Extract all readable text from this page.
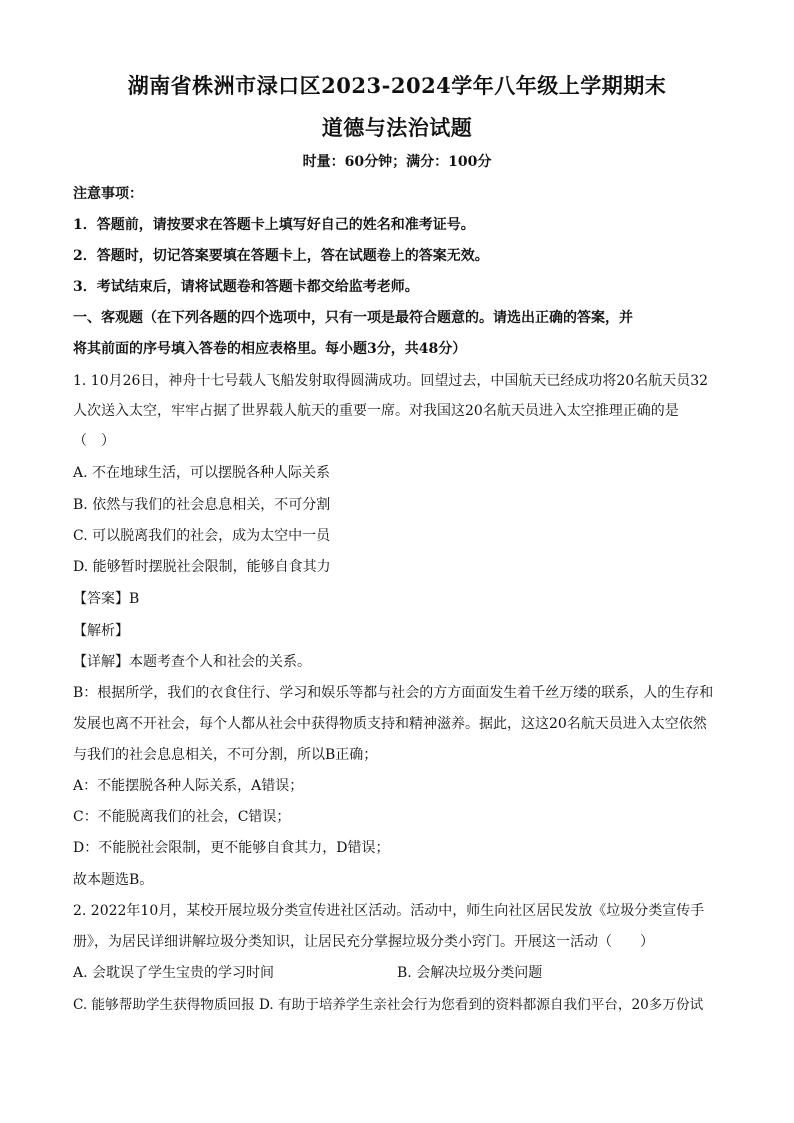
湖南省株洲市渌口区2023-2024学年八年级上学期期末
道德与法治试题
时量：60分钟；满分：100分
注意事项：
1．答题前，请按要求在答题卡上填写好自己的姓名和准考证号。
2．答题时，切记答案要填在答题卡上，答在试题卷上的答案无效。
3．考试结束后，请将试题卷和答题卡都交给监考老师。
一、客观题（在下列各题的四个选项中，只有一项是最符合题意的。请选出正确的答案，并
将其前面的序号填入答卷的相应表格里。每小题3分，共48分）
1. 10月26日，神舟十七号载人飞船发射取得圆满成功。回望过去，中国航天已经成功将20名航天员32
人次送入太空，牢牢占据了世界载人航天的重要一席。对我国这20名航天员进入太空推理正确的是
（　）
A. 不在地球生活，可以摆脱各种人际关系
B. 依然与我们的社会息息相关，不可分割
C. 可以脱离我们的社会，成为太空中一员
D. 能够暂时摆脱社会限制，能够自食其力
【答案】B
【解析】
【详解】本题考查个人和社会的关系。
B：根据所学，我们的衣食住行、学习和娱乐等都与社会的方方面面发生着千丝万缕的联系，人的生存和
发展也离不开社会，每个人都从社会中获得物质支持和精神滋养。据此，这这20名航天员进入太空依然
与我们的社会息息相关，不可分割，所以B正确；
A：不能摆脱各种人际关系，A错误；
C：不能脱离我们的社会，C错误；
D：不能脱社会限制，更不能够自食其力，D错误；
故本题选B。
2. 2022年10月，某校开展垃圾分类宣传进社区活动。活动中，师生向社区居民发放《垃圾分类宣传手
册》，为居民详细讲解垃圾分类知识，让居民充分掌握垃圾分类小窍门。开展这一活动（　　）
A. 会耽误了学生宝贵的学习时间	B. 会解决垃圾分类问题
C. 能够帮助学生获得物质回报 D. 有助于培养学生亲社会行为您看到的资料都源自我们平台，20多万份试
